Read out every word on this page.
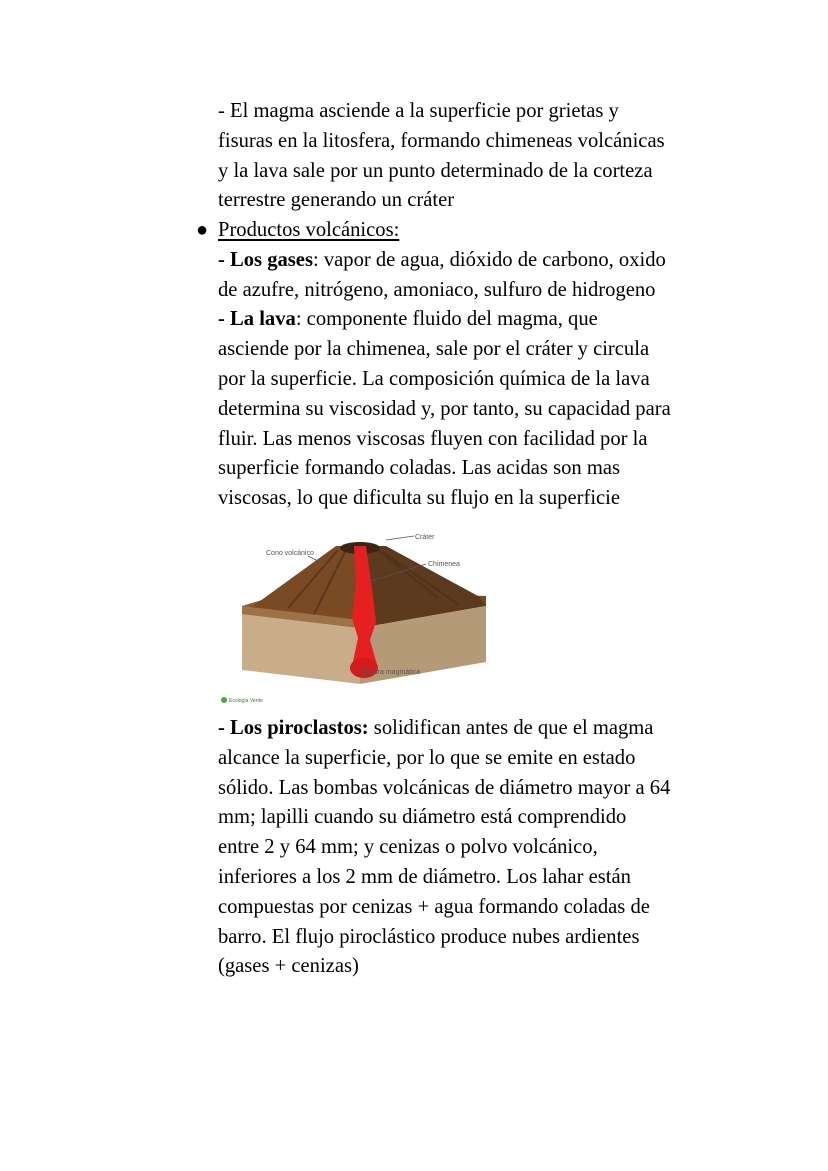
- El magma asciende a la superficie por grietas y
fisuras en la litosfera, formando chimeneas volcánicas
y la lava sale por un punto determinado de la corteza
terrestre generando un cráter
● Productos volcánicos:
- Los gases: vapor de agua, dióxido de carbono, oxido
de azufre, nitrógeno, amoniaco, sulfuro de hidrogeno
- La lava: componente fluido del magma, que
asciende por la chimenea, sale por el cráter y circula
por la superficie. La composición química de la lava
determina su viscosidad y, por tanto, su capacidad para
fluir. Las menos viscosas fluyen con facilidad por la
superficie formando coladas. Las acidas son mas
viscosas, lo que dificulta su flujo en la superficie
Cráter
Cono volcánico
Chimenea
Cámara magmática
Ecología Verde
- Los piroclastos: solidifican antes de que el magma
alcance la superficie, por lo que se emite en estado
sólido. Las bombas volcánicas de diámetro mayor a 64
mm; lapilli cuando su diámetro está comprendido
entre 2 y 64 mm; y cenizas o polvo volcánico,
inferiores a los 2 mm de diámetro. Los lahar están
compuestas por cenizas + agua formando coladas de
barro. El flujo piroclástico produce nubes ardientes
(gases + cenizas)
